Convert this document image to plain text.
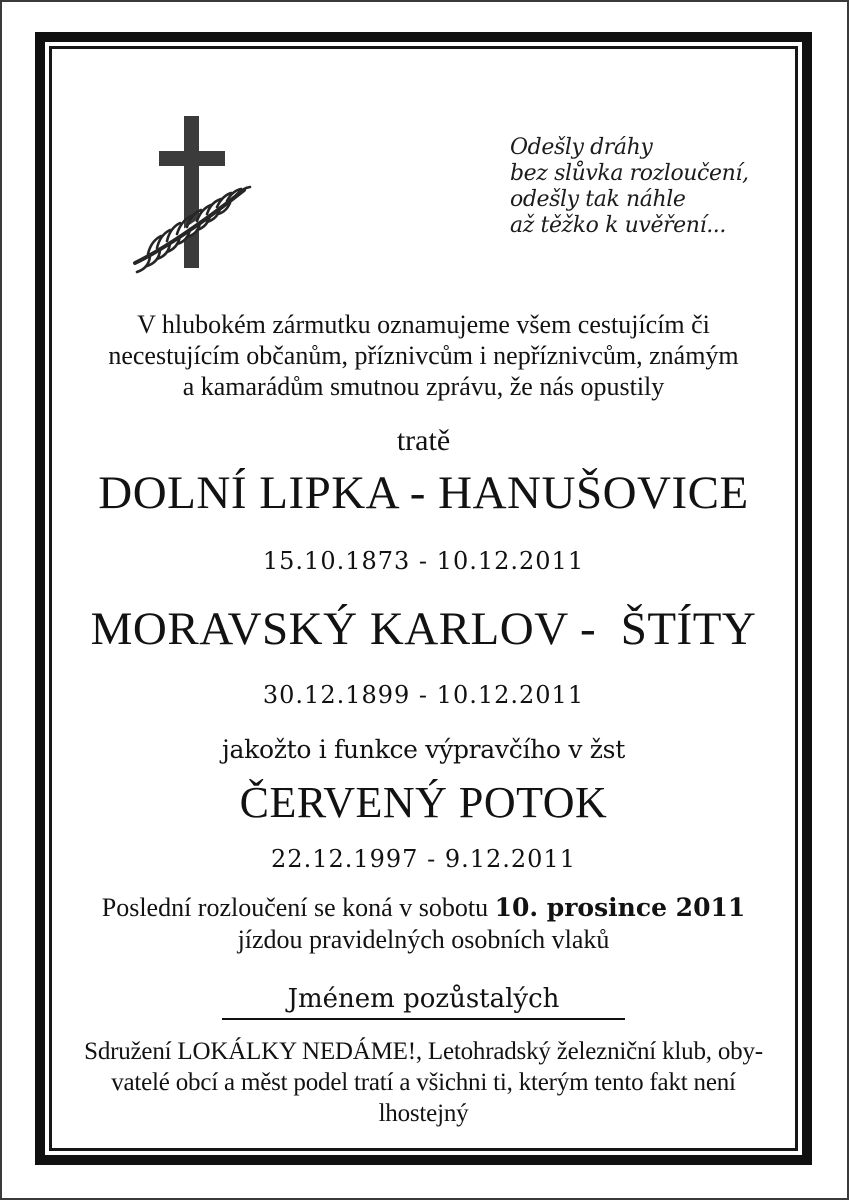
Odešly dráhy
bez slůvka rozloučení,
odešly tak náhle
až těžko k uvěření...
V hlubokém zármutku oznamujeme všem cestujícím či
necestujícím občanům, příznivcům i nepříznivcům, známým
a kamarádům smutnou zprávu, že nás opustily
tratě
DOLNÍ LIPKA - HANUŠOVICE
15.10.1873 - 10.12.2011
MORAVSKÝ KARLOV -  ŠTÍTY
30.12.1899 - 10.12.2011
jakožto i funkce výpravčího v žst
ČERVENÝ POTOK
22.12.1997 - 9.12.2011
Poslední rozloučení se koná v sobotu 10. prosince 2011
jízdou pravidelných osobních vlaků
Jménem pozůstalých
Sdružení LOKÁLKY NEDÁME!, Letohradský železniční klub, oby-
vatelé obcí a měst podel tratí a všichni ti, kterým tento fakt není
lhostejný
